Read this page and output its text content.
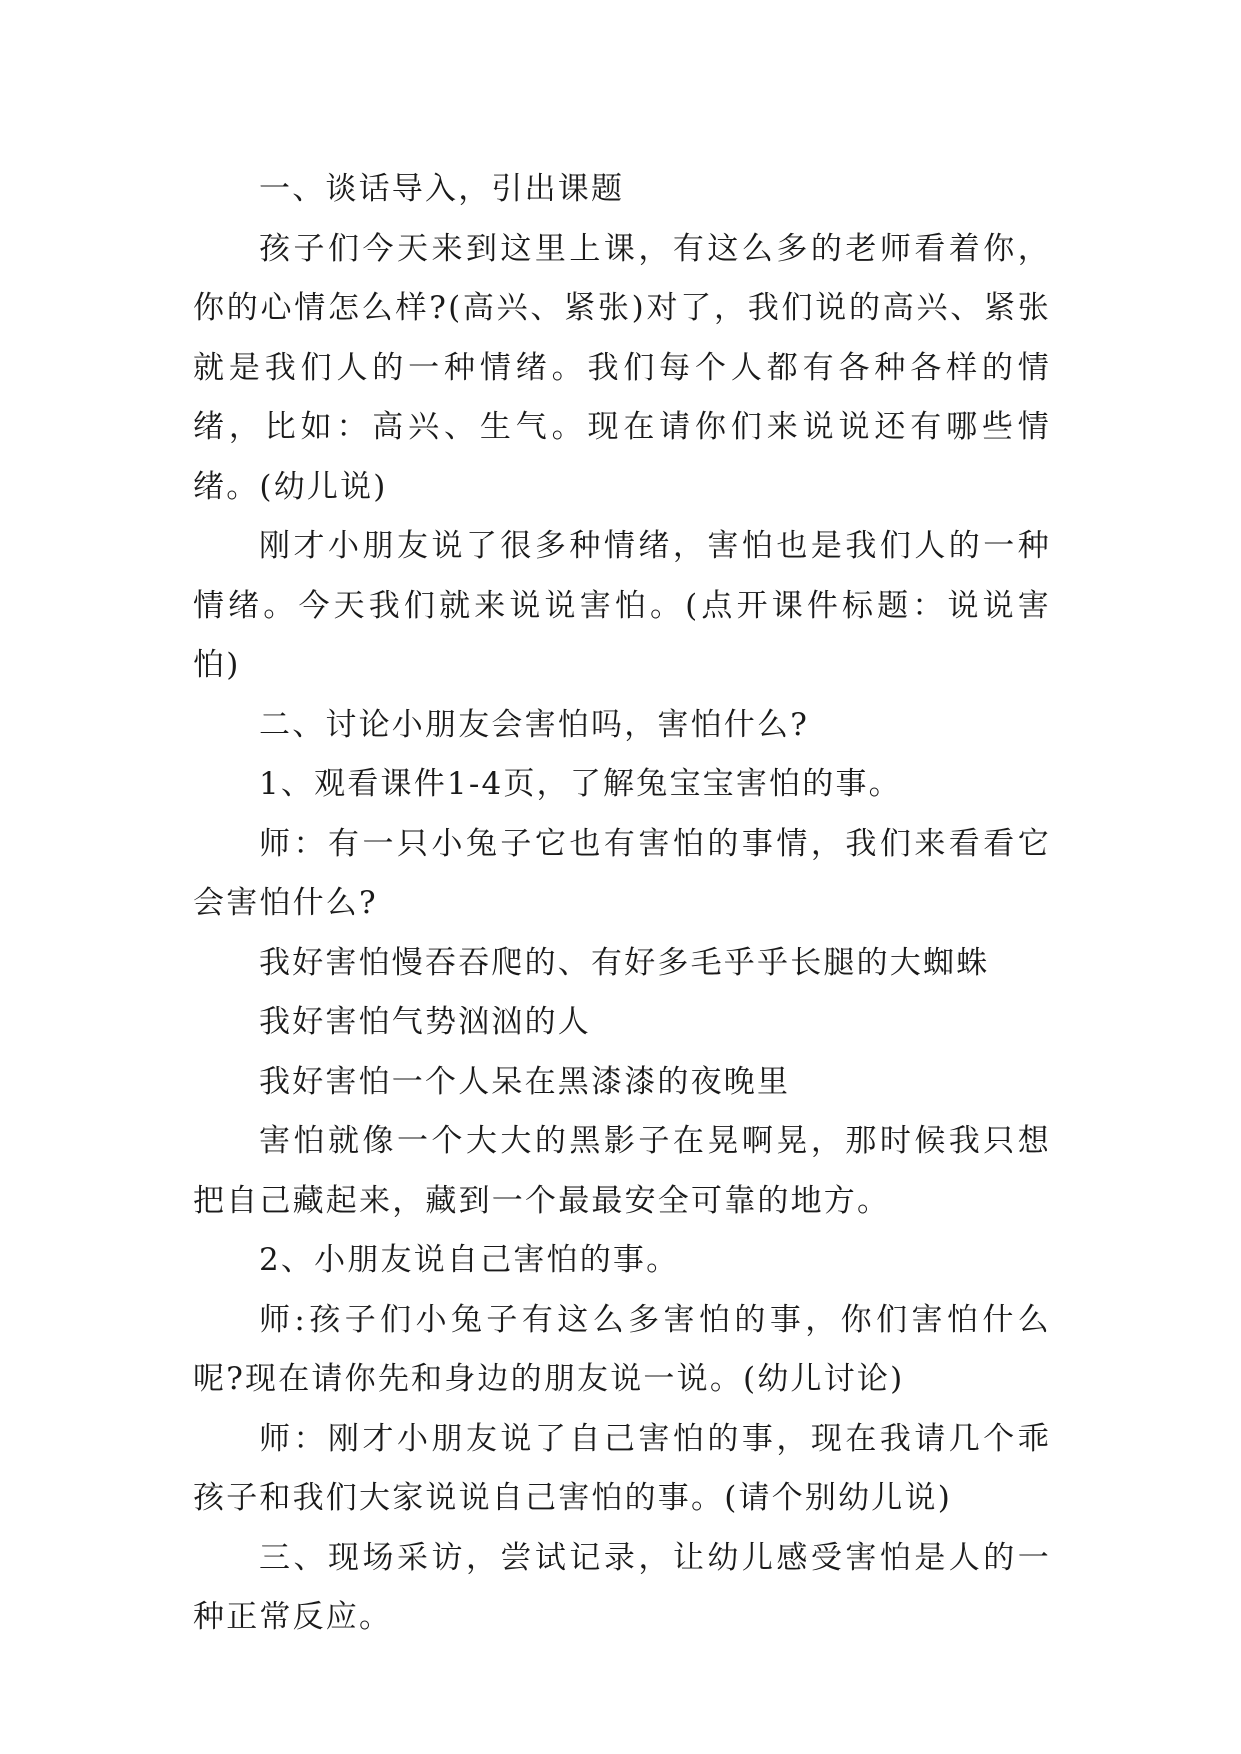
一、谈话导入，引出课题

孩子们今天来到这里上课，有这么多的老师看着你，你的心情怎么样?(高兴、紧张)对了，我们说的高兴、紧张就是我们人的一种情绪。我们每个人都有各种各样的情绪，比如：高兴、生气。现在请你们来说说还有哪些情绪。(幼儿说)

刚才小朋友说了很多种情绪，害怕也是我们人的一种情绪。今天我们就来说说害怕。(点开课件标题：说说害怕)

二、讨论小朋友会害怕吗，害怕什么?

1、观看课件1-4页，了解兔宝宝害怕的事。

师：有一只小兔子它也有害怕的事情，我们来看看它会害怕什么?

我好害怕慢吞吞爬的、有好多毛乎乎长腿的大蜘蛛

我好害怕气势汹汹的人

我好害怕一个人呆在黑漆漆的夜晚里

害怕就像一个大大的黑影子在晃啊晃，那时候我只想把自己藏起来，藏到一个最最安全可靠的地方。

2、小朋友说自己害怕的事。

师:孩子们小兔子有这么多害怕的事，你们害怕什么呢?现在请你先和身边的朋友说一说。(幼儿讨论)

师：刚才小朋友说了自己害怕的事，现在我请几个乖孩子和我们大家说说自己害怕的事。(请个别幼儿说)

三、现场采访，尝试记录，让幼儿感受害怕是人的一种正常反应。
